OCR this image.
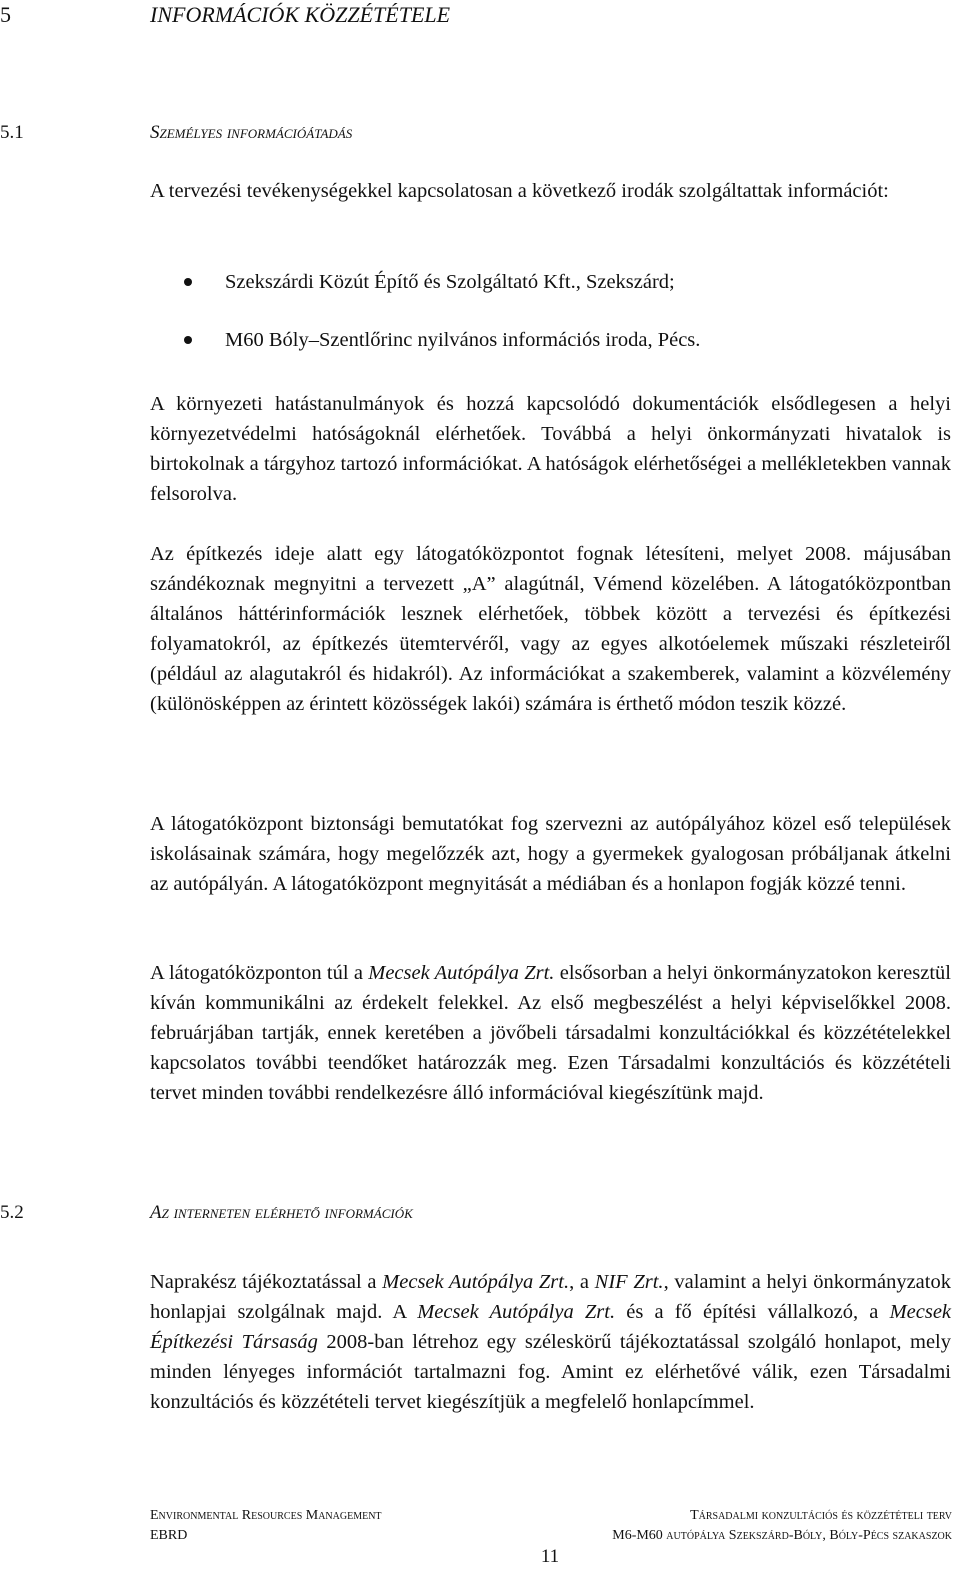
5	INFORMÁCIÓK KÖZZÉTÉTELE
5.1	Személyes információátadás
A tervezési tevékenységekkel kapcsolatosan a következő irodák szolgáltattak információt:
Szekszárdi Közút Építő és Szolgáltató Kft., Szekszárd;
M60 Bóly–Szentlőrinc nyilvános információs iroda, Pécs.
A környezeti hatástanulmányok és hozzá kapcsolódó dokumentációk elsődlegesen a helyi környezetvédelmi hatóságoknál elérhetőek. Továbbá a helyi önkormányzati hivatalok is birtokolnak a tárgyhoz tartozó információkat. A hatóságok elérhetőségei a mellékletekben vannak felsorolva.
Az építkezés ideje alatt egy látogatóközpontot fognak létesíteni, melyet 2008. májusában szándékoznak megnyitni a tervezett „A” alagútnál, Vémend közelében. A látogatóközpontban általános háttérinformációk lesznek elérhetőek, többek között a tervezési és építkezési folyamatokról, az építkezés ütemtervéről, vagy az egyes alkotóelemek műszaki részleteiről (például az alagutakról és hidakról). Az információkat a szakemberek, valamint a közvélemény (különösképpen az érintett közösségek lakói) számára is érthető módon teszik közzé.
A látogatóközpont biztonsági bemutatókat fog szervezni az autópályához közel eső települések iskolásainak számára, hogy megelőzzék azt, hogy a gyermekek gyalogosan próbáljanak átkelni az autópályán. A látogatóközpont megnyitását a médiában és a honlapon fogják közzé tenni.
A látogatóközponton túl a Mecsek Autópálya Zrt. elsősorban a helyi önkormányzatokon keresztül kíván kommunikálni az érdekelt felekkel. Az első megbeszélést a helyi képviselőkkel 2008. februárjában tartják, ennek keretében a jövőbeli társadalmi konzultációkkal és közzétételekkel kapcsolatos további teendőket határozzák meg. Ezen Társadalmi konzultációs és közzétételi tervet minden további rendelkezésre álló információval kiegészítünk majd.
5.2	Az interneten elérhető információk
Naprakész tájékoztatással a Mecsek Autópálya Zrt., a NIF Zrt., valamint a helyi önkormányzatok honlapjai szolgálnak majd. A Mecsek Autópálya Zrt. és a fő építési vállalkozó, a Mecsek Építkezési Társaság 2008-ban létrehoz egy széleskörű tájékoztatással szolgáló honlapot, mely minden lényeges információt tartalmazni fog. Amint ez elérhetővé válik, ezen Társadalmi konzultációs és közzétételi tervet kiegészítjük a megfelelő honlapcímmel.
Environmental Resources Management
EBRD
Társadalmi konzultációs és közzétételi terv
M6-M60 autópálya Szekszárd-Bóly, Bóly-Pécs szakaszok
11
